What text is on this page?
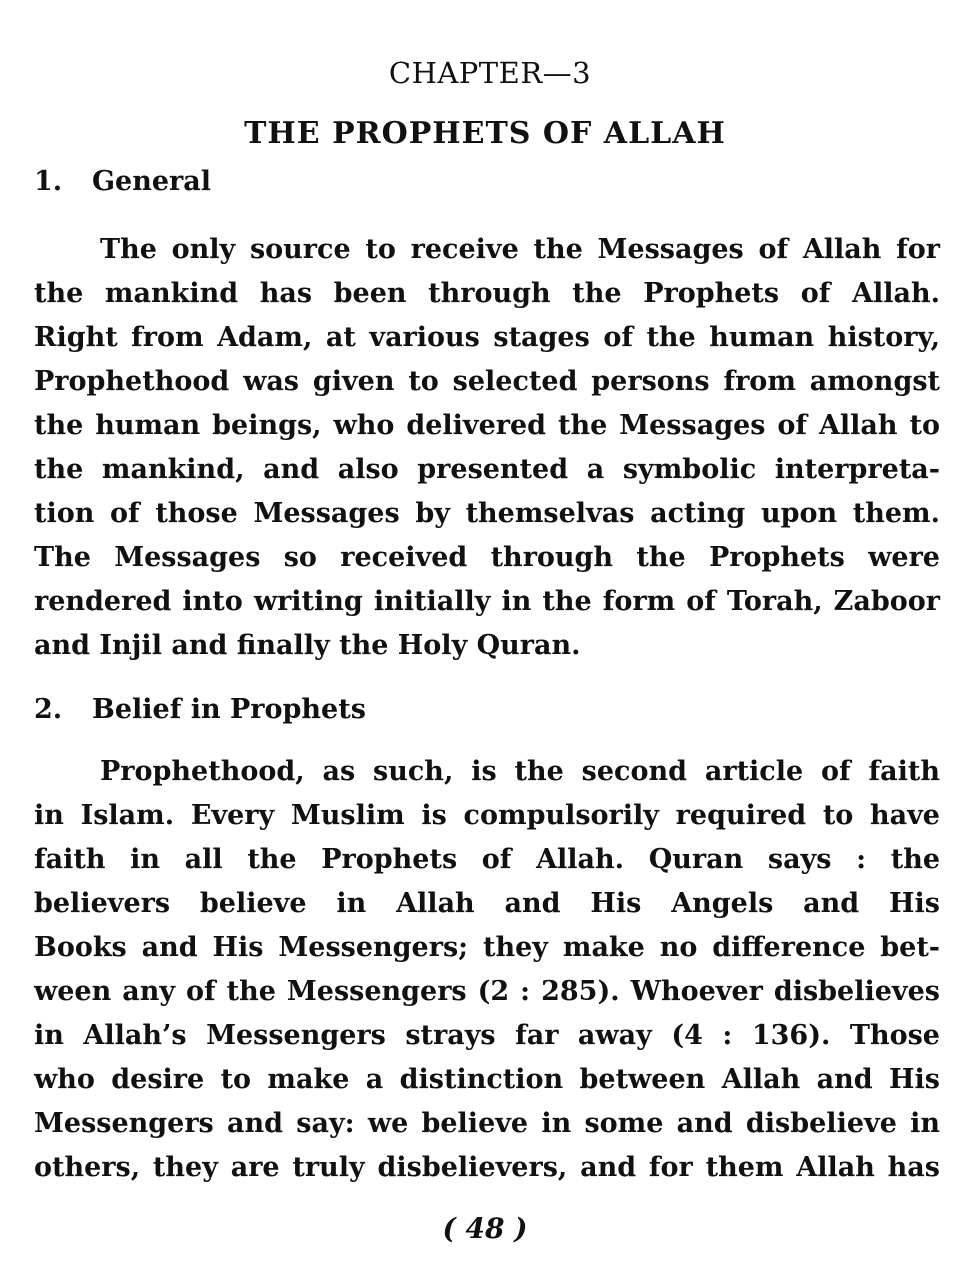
CHAPTER—3
THE PROPHETS OF ALLAH
1. General
The only source to receive the Messages of Allah for
the mankind has been through the Prophets of Allah.
Right from Adam, at various stages of the human history,
Prophethood was given to selected persons from amongst
the human beings, who delivered the Messages of Allah to
the mankind, and also presented a symbolic interpreta-
tion of those Messages by themselvas acting upon them.
The Messages so received through the Prophets were
rendered into writing initially in the form of Torah, Zaboor
and Injil and finally the Holy Quran.
2. Belief in Prophets
Prophethood, as such, is the second article of faith
in Islam. Every Muslim is compulsorily required to have
faith in all the Prophets of Allah. Quran says : the
believers believe in Allah and His Angels and His
Books and His Messengers; they make no difference bet-
ween any of the Messengers (2 : 285). Whoever disbelieves
in Allah’s Messengers strays far away (4 : 136). Those
who desire to make a distinction between Allah and His
Messengers and say: we believe in some and disbelieve in
others, they are truly disbelievers, and for them Allah has
( 48 )
